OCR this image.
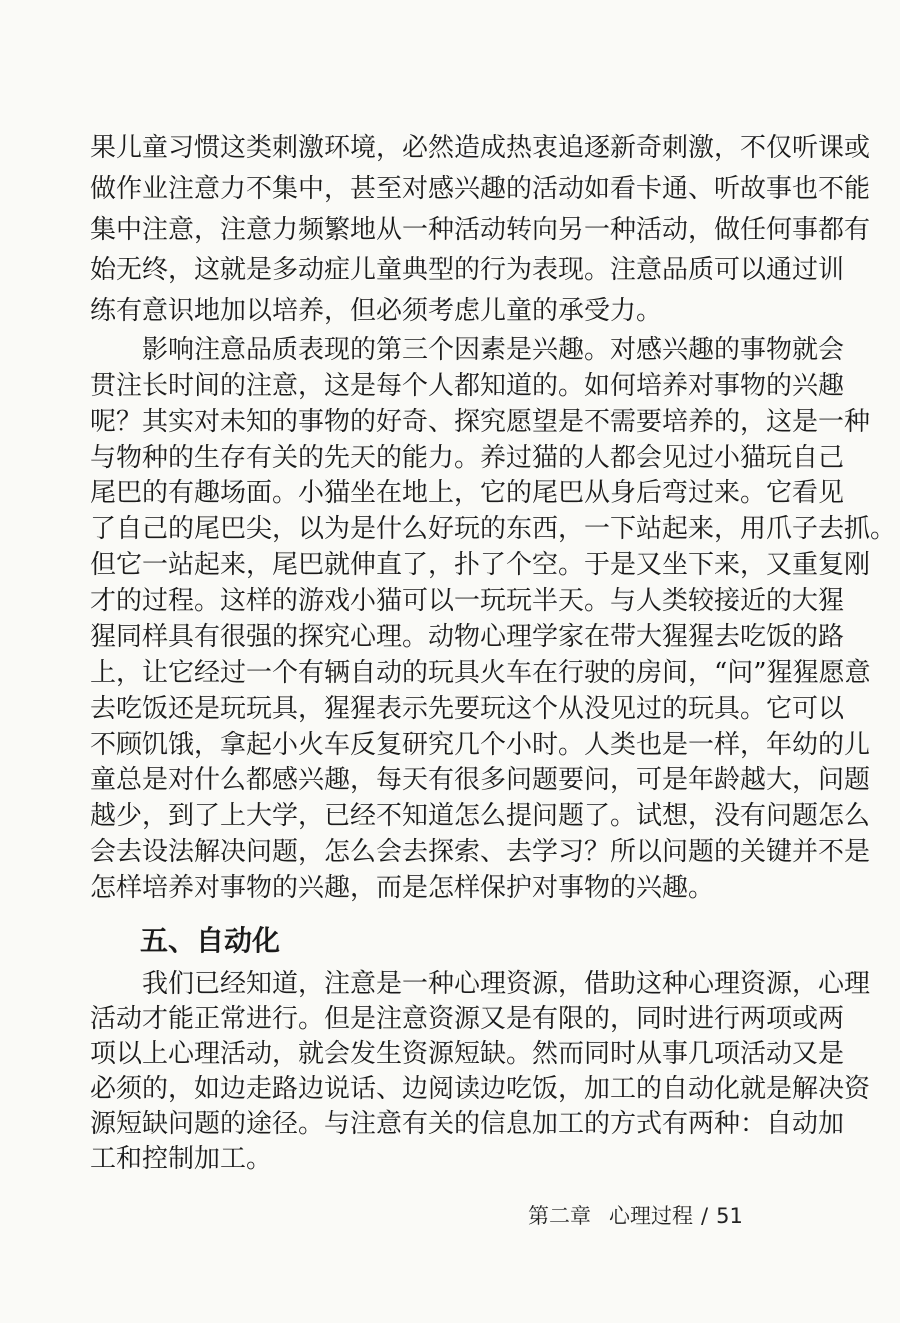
果儿童习惯这类刺激环境，必然造成热衷追逐新奇刺激，不仅听课或
做作业注意力不集中，甚至对感兴趣的活动如看卡通、听故事也不能
集中注意，注意力频繁地从一种活动转向另一种活动，做任何事都有
始无终，这就是多动症儿童典型的行为表现。注意品质可以通过训
练有意识地加以培养，但必须考虑儿童的承受力。
影响注意品质表现的第三个因素是兴趣。对感兴趣的事物就会
贯注长时间的注意，这是每个人都知道的。如何培养对事物的兴趣
呢？其实对未知的事物的好奇、探究愿望是不需要培养的，这是一种
与物种的生存有关的先天的能力。养过猫的人都会见过小猫玩自己
尾巴的有趣场面。小猫坐在地上，它的尾巴从身后弯过来。它看见
了自己的尾巴尖，以为是什么好玩的东西，一下站起来，用爪子去抓。
但它一站起来，尾巴就伸直了，扑了个空。于是又坐下来，又重复刚
才的过程。这样的游戏小猫可以一玩玩半天。与人类较接近的大猩
猩同样具有很强的探究心理。动物心理学家在带大猩猩去吃饭的路
上，让它经过一个有辆自动的玩具火车在行驶的房间，“问”猩猩愿意
去吃饭还是玩玩具，猩猩表示先要玩这个从没见过的玩具。它可以
不顾饥饿，拿起小火车反复研究几个小时。人类也是一样，年幼的儿
童总是对什么都感兴趣，每天有很多问题要问，可是年龄越大，问题
越少，到了上大学，已经不知道怎么提问题了。试想，没有问题怎么
会去设法解决问题，怎么会去探索、去学习？所以问题的关键并不是
怎样培养对事物的兴趣，而是怎样保护对事物的兴趣。
五、自动化
我们已经知道，注意是一种心理资源，借助这种心理资源，心理
活动才能正常进行。但是注意资源又是有限的，同时进行两项或两
项以上心理活动，就会发生资源短缺。然而同时从事几项活动又是
必须的，如边走路边说话、边阅读边吃饭，加工的自动化就是解决资
源短缺问题的途径。与注意有关的信息加工的方式有两种：自动加
工和控制加工。
第二章 心理过程 / 51
